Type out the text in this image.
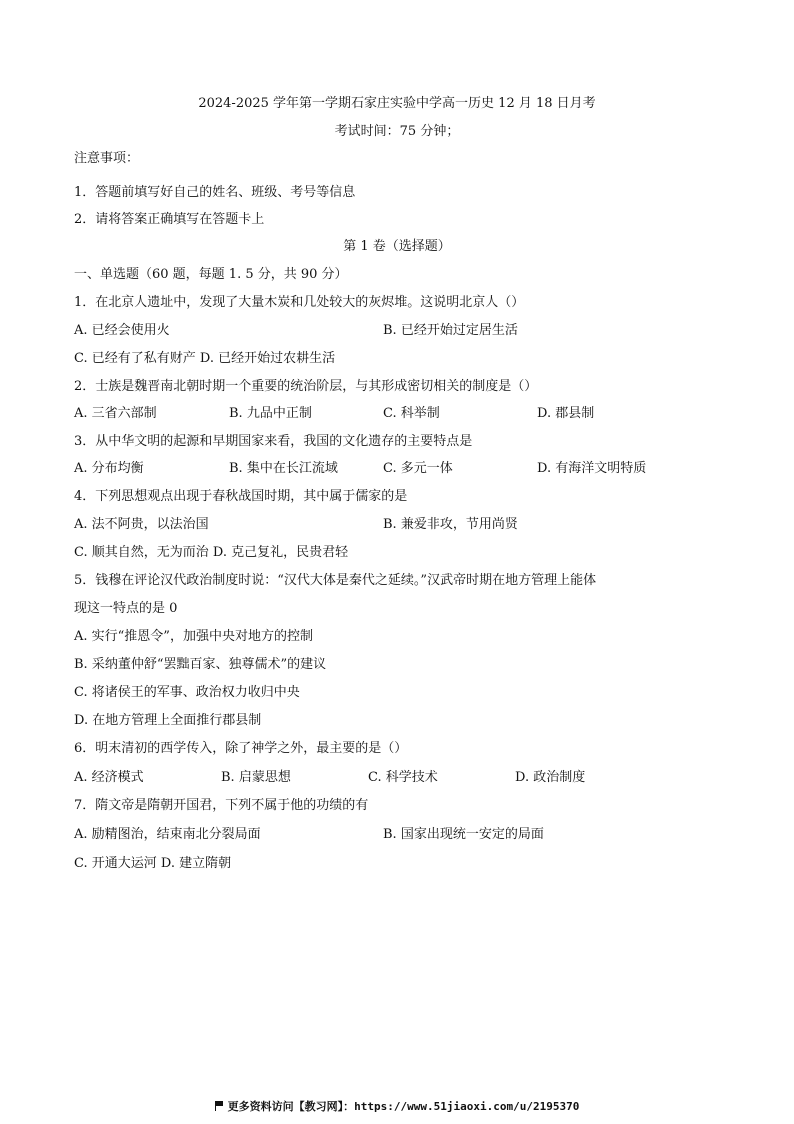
2024-2025 学年第一学期石家庄实验中学高一历史 12 月 18 日月考
考试时间：75 分钟；
注意事项：
1．答题前填写好自己的姓名、班级、考号等信息
2．请将答案正确填写在答题卡上
第 1 卷（选择题）
一、单选题（60 题，每题 1. 5 分，共 90 分）
1．在北京人遗址中，发现了大量木炭和几处较大的灰烬堆。这说明北京人（）
A. 已经会使用火	B. 已经开始过定居生活
C. 已经有了私有财产 D. 已经开始过农耕生活
2．士族是魏晋南北朝时期一个重要的统治阶层，与其形成密切相关的制度是（）
A. 三省六部制	B. 九品中正制	C. 科举制	D. 郡县制
3．从中华文明的起源和早期国家来看，我国的文化遗存的主要特点是
A. 分布均衡	B. 集中在长江流域	C. 多元一体	D. 有海洋文明特质
4．下列思想观点出现于春秋战国时期，其中属于儒家的是
A. 法不阿贵，以法治国	B. 兼爱非攻，节用尚贤
C. 顺其自然，无为而治 D. 克己复礼，民贵君轻
5．钱穆在评论汉代政治制度时说：“汉代大体是秦代之延续。”汉武帝时期在地方管理上能体
现这一特点的是 0
A. 实行“推恩令”，加强中央对地方的控制
B. 采纳董仲舒“罢黜百家、独尊儒术”的建议
C. 将诸侯王的军事、政治权力收归中央
D. 在地方管理上全面推行郡县制
6．明末清初的西学传入，除了神学之外，最主要的是（）
A. 经济模式	B. 启蒙思想	C. 科学技术	D. 政治制度
7．隋文帝是隋朝开国君，下列不属于他的功绩的有
A. 励精图治，结束南北分裂局面	B. 国家出现统一安定的局面
C. 开通大运河 D. 建立隋朝
更多资料访问【教习网】：https://www.51jiaoxi.com/u/2195370
